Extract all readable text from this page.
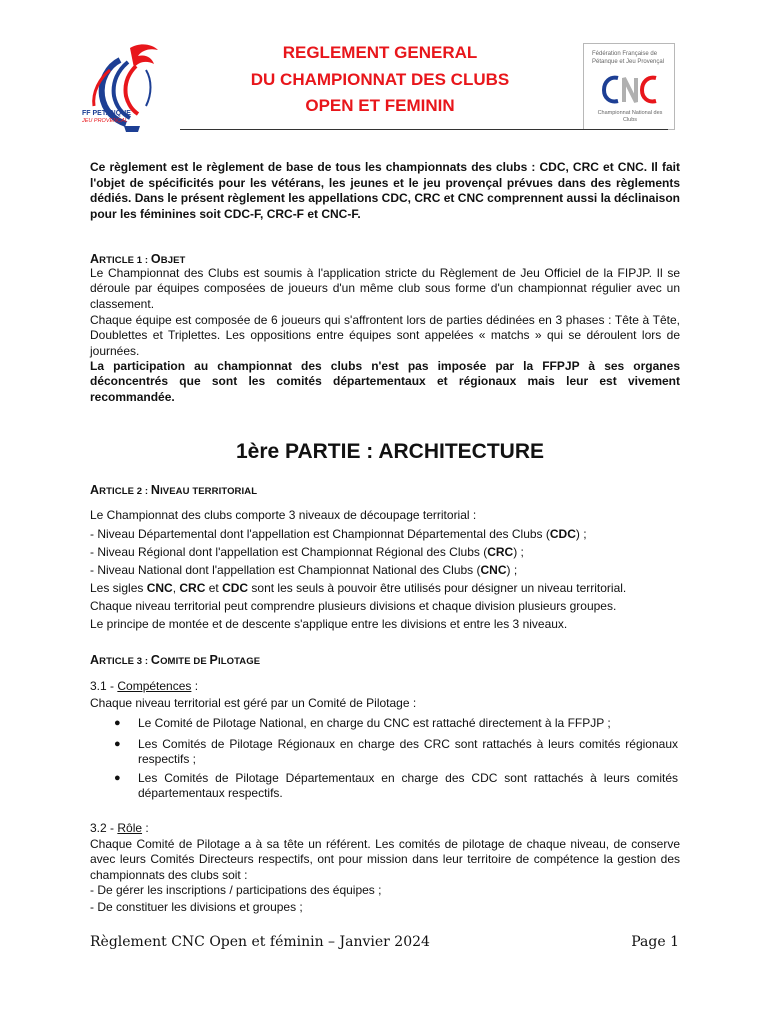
FF PETANQUE
JEU PROVENÇAL
REGLEMENT GENERAL
DU CHAMPIONNAT DES CLUBS
OPEN ET FEMININ
Fédération Française de Pétanque et Jeu Provençal
Championnat National des Clubs
Ce règlement est le règlement de base de tous les championnats des clubs : CDC, CRC et CNC. Il fait l'objet de spécificités pour les vétérans, les jeunes et le jeu provençal prévues dans des règlements dédiés. Dans le présent règlement les appellations CDC, CRC et CNC comprennent aussi la déclinaison pour les féminines soit CDC-F, CRC-F et CNC-F.
ARTICLE 1 : OBJET
Le Championnat des Clubs est soumis à l'application stricte du Règlement de Jeu Officiel de la FIPJP. Il se déroule par équipes composées de joueurs d'un même club sous forme d'un championnat régulier avec un classement.
Chaque équipe est composée de 6 joueurs qui s'affrontent lors de parties dédinées en 3 phases : Tête à Tête, Doublettes et Triplettes. Les oppositions entre équipes sont appelées « matchs » qui se déroulent lors de journées.
La participation au championnat des clubs n'est pas imposée par la FFPJP à ses organes déconcentrés que sont les comités départementaux et régionaux mais leur est vivement recommandée.
1ère PARTIE : ARCHITECTURE
ARTICLE 2 : NIVEAU TERRITORIAL
Le Championnat des clubs comporte 3 niveaux de découpage territorial :
- Niveau Départemental dont l'appellation est Championnat Départemental des Clubs (CDC) ;
- Niveau Régional dont l'appellation est Championnat Régional des Clubs (CRC) ;
- Niveau National dont l'appellation est Championnat National des Clubs (CNC) ;
Les sigles CNC, CRC et CDC sont les seuls à pouvoir être utilisés pour désigner un niveau territorial.
Chaque niveau territorial peut comprendre plusieurs divisions et chaque division plusieurs groupes.
Le principe de montée et de descente s'applique entre les divisions et entre les 3 niveaux.
ARTICLE 3 : COMITE DE PILOTAGE
3.1 - Compétences :
Chaque niveau territorial est géré par un Comité de Pilotage :
● Le Comité de Pilotage National, en charge du CNC est rattaché directement à la FFPJP ;
● Les Comités de Pilotage Régionaux en charge des CRC sont rattachés à leurs comités régionaux respectifs ;
● Les Comités de Pilotage Départementaux en charge des CDC sont rattachés à leurs comités départementaux respectifs.
3.2 - Rôle :
Chaque Comité de Pilotage a à sa tête un référent. Les comités de pilotage de chaque niveau, de conserve avec leurs Comités Directeurs respectifs, ont pour mission dans leur territoire de compétence la gestion des championnats des clubs soit :
- De gérer les inscriptions / participations des équipes ;
- De constituer les divisions et groupes ;
Règlement CNC Open et féminin – Janvier 2024	Page 1
